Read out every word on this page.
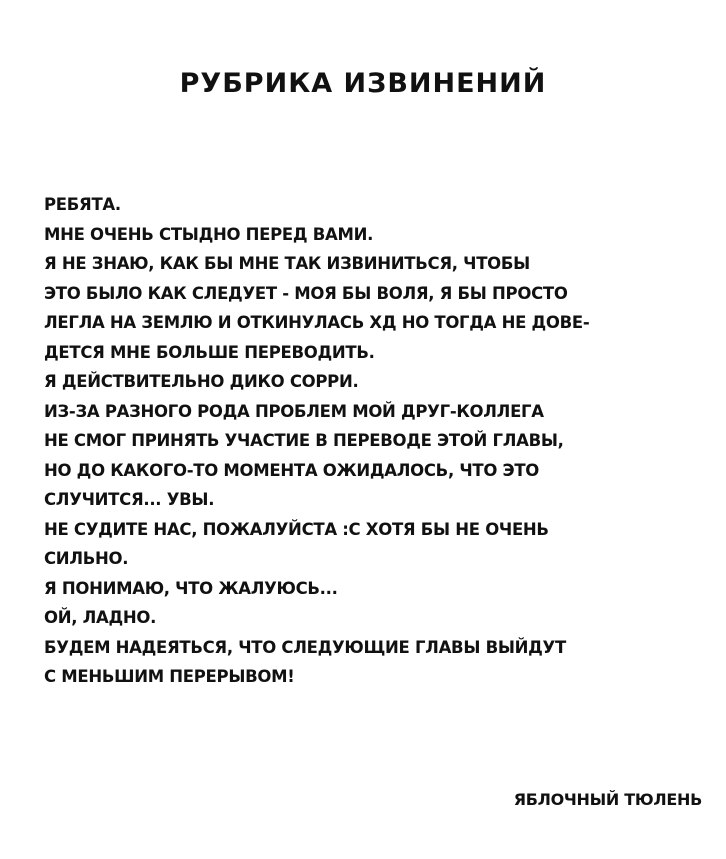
РУБРИКА ИЗВИНЕНИЙ
РЕБЯТА.
МНЕ ОЧЕНЬ СТЫДНО ПЕРЕД ВАМИ.
Я НЕ ЗНАЮ, КАК БЫ МНЕ ТАК ИЗВИНИТЬСЯ, ЧТОБЫ
ЭТО БЫЛО КАК СЛЕДУЕТ - МОЯ БЫ ВОЛЯ, Я БЫ ПРОСТО
ЛЕГЛА НА ЗЕМЛЮ И ОТКИНУЛАСЬ ХД НО ТОГДА НЕ ДОВЕ-
ДЕТСЯ МНЕ БОЛЬШЕ ПЕРЕВОДИТЬ.
Я ДЕЙСТВИТЕЛЬНО ДИКО СОРРИ.
ИЗ-ЗА РАЗНОГО РОДА ПРОБЛЕМ МОЙ ДРУГ-КОЛЛЕГА
НЕ СМОГ ПРИНЯТЬ УЧАСТИЕ В ПЕРЕВОДЕ ЭТОЙ ГЛАВЫ,
НО ДО КАКОГО-ТО МОМЕНТА ОЖИДАЛОСЬ, ЧТО ЭТО
СЛУЧИТСЯ... УВЫ.
НЕ СУДИТЕ НАС, ПОЖАЛУЙСТА :С ХОТЯ БЫ НЕ ОЧЕНЬ
СИЛЬНО.
Я ПОНИМАЮ, ЧТО ЖАЛУЮСЬ...
ОЙ, ЛАДНО.
БУДЕМ НАДЕЯТЬСЯ, ЧТО СЛЕДУЮЩИЕ ГЛАВЫ ВЫЙДУТ
С МЕНЬШИМ ПЕРЕРЫВОМ!
ЯБЛОЧНЫЙ ТЮЛЕНЬ
